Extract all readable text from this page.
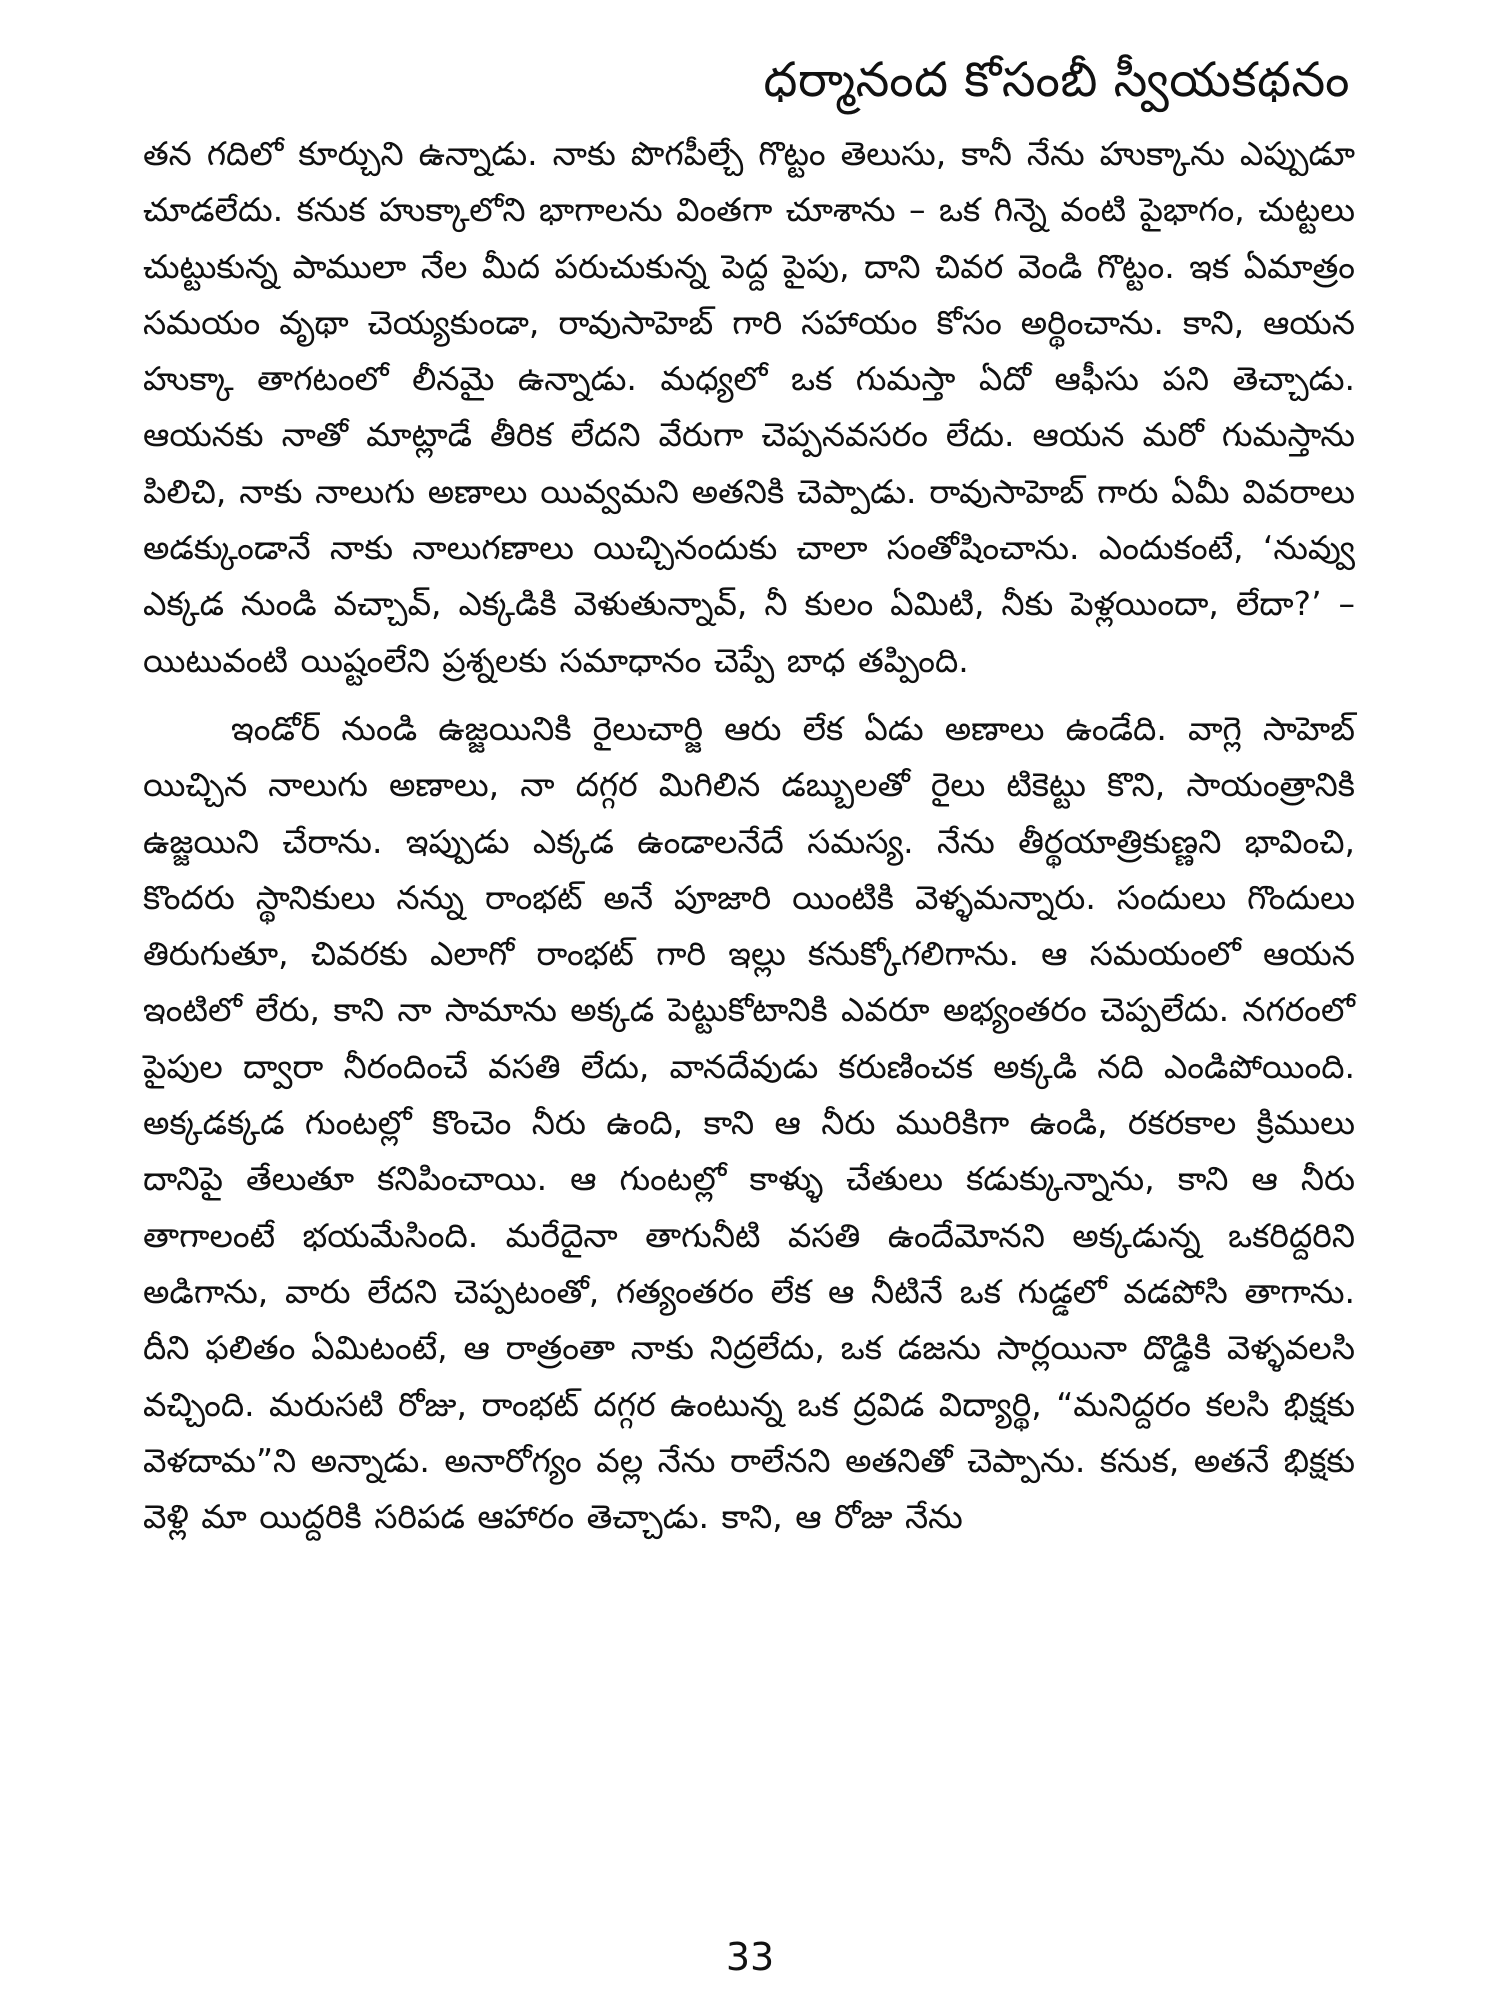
ధర్మానంద కోసంబీ స్వీయకథనం

తన గదిలో కూర్చుని ఉన్నాడు. నాకు పొగపీల్చే గొట్టం తెలుసు, కానీ నేను హుక్కాను ఎప్పుడూ చూడలేదు. కనుక హుక్కాలోని భాగాలను వింతగా చూశాను – ఒక గిన్నె వంటి పైభాగం, చుట్టలు చుట్టుకున్న పాములా నేల మీద పరుచుకున్న పెద్ద పైపు, దాని చివర వెండి గొట్టం. ఇక ఏమాత్రం సమయం వృథా చెయ్యకుండా, రావుసాహెబ్ గారి సహాయం కోసం అర్థించాను. కాని, ఆయన హుక్కా తాగటంలో లీనమై ఉన్నాడు. మధ్యలో ఒక గుమస్తా ఏదో ఆఫీసు పని తెచ్చాడు. ఆయనకు నాతో మాట్లాడే తీరిక లేదని వేరుగా చెప్పనవసరం లేదు. ఆయన మరో గుమస్తాను పిలిచి, నాకు నాలుగు అణాలు యివ్వమని అతనికి చెప్పాడు. రావుసాహెబ్ గారు ఏమీ వివరాలు అడక్కుండానే నాకు నాలుగణాలు యిచ్చినందుకు చాలా సంతోషించాను. ఎందుకంటే, ‘నువ్వు ఎక్కడ నుండి వచ్చావ్, ఎక్కడికి వెళుతున్నావ్, నీ కులం ఏమిటి, నీకు పెళ్లయిందా, లేదా?’ – యిటువంటి యిష్టంలేని ప్రశ్నలకు సమాధానం చెప్పే బాధ తప్పింది.

ఇండోర్ నుండి ఉజ్జయినికి రైలుచార్జి ఆరు లేక ఏడు అణాలు ఉండేది. వాగ్లె సాహెబ్ యిచ్చిన నాలుగు అణాలు, నా దగ్గర మిగిలిన డబ్బులతో రైలు టికెట్టు కొని, సాయంత్రానికి ఉజ్జయిని చేరాను. ఇప్పుడు ఎక్కడ ఉండాలనేదే సమస్య. నేను తీర్థయాత్రికుణ్ణని భావించి, కొందరు స్థానికులు నన్ను రాంభట్ అనే పూజారి యింటికి వెళ్ళమన్నారు. సందులు గొందులు తిరుగుతూ, చివరకు ఎలాగో రాంభట్ గారి ఇల్లు కనుక్కోగలిగాను. ఆ సమయంలో ఆయన ఇంటిలో లేరు, కాని నా సామాను అక్కడ పెట్టుకోటానికి ఎవరూ అభ్యంతరం చెప్పలేదు. నగరంలో పైపుల ద్వారా నీరందించే వసతి లేదు, వానదేవుడు కరుణించక అక్కడి నది ఎండిపోయింది. అక్కడక్కడ గుంటల్లో కొంచెం నీరు ఉంది, కాని ఆ నీరు మురికిగా ఉండి, రకరకాల క్రిములు దానిపై తేలుతూ కనిపించాయి. ఆ గుంటల్లో కాళ్ళు చేతులు కడుక్కున్నాను, కాని ఆ నీరు తాగాలంటే భయమేసింది. మరేదైనా తాగునీటి వసతి ఉందేమోనని అక్కడున్న ఒకరిద్దరిని అడిగాను, వారు లేదని చెప్పటంతో, గత్యంతరం లేక ఆ నీటినే ఒక గుడ్డలో వడపోసి తాగాను. దీని ఫలితం ఏమిటంటే, ఆ రాత్రంతా నాకు నిద్రలేదు, ఒక డజను సార్లయినా దొడ్డికి వెళ్ళవలసి వచ్చింది. మరుసటి రోజు, రాంభట్ దగ్గర ఉంటున్న ఒక ద్రవిడ విద్యార్థి, “మనిద్దరం కలసి భిక్షకు వెళదామ”ని అన్నాడు. అనారోగ్యం వల్ల నేను రాలేనని అతనితో చెప్పాను. కనుక, అతనే భిక్షకు వెళ్లి మా యిద్దరికి సరిపడ ఆహారం తెచ్చాడు. కాని, ఆ రోజు నేను

33
